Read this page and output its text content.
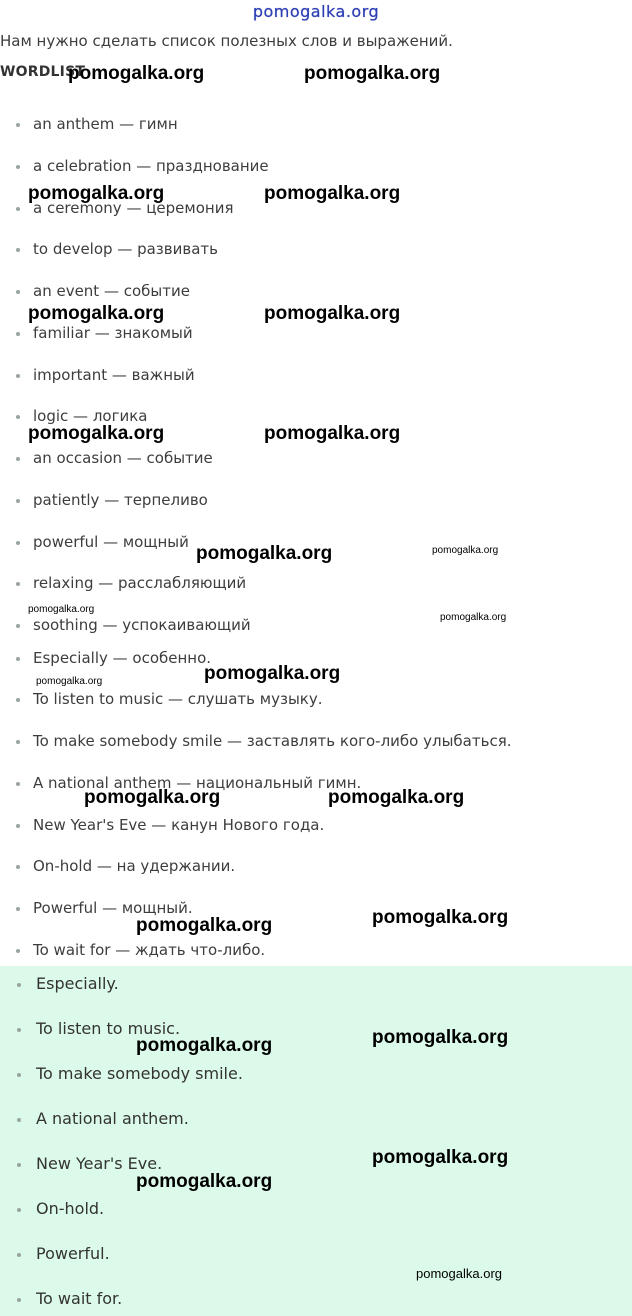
pomogalka.org
Нам нужно сделать список полезных слов и выражений.
WORDLIST
an anthem — гимн
a celebration — празднование
a ceremony — церемония
to develop — развивать
an event — событие
familiar — знакомый
important — важный
logic — логика
an occasion — событие
patiently — терпеливо
powerful — мощный
relaxing — расслабляющий
soothing — успокаивающий
Especially — особенно.
To listen to music — слушать музыку.
To make somebody smile — заставлять кого-либо улыбаться.
A national anthem — национальный гимн.
New Year's Eve — канун Нового года.
On-hold — на удержании.
Powerful — мощный.
To wait for — ждать что-либо.
Especially.
To listen to music.
To make somebody smile.
A national anthem.
New Year's Eve.
On-hold.
Powerful.
To wait for.
pomogalka.org	pomogalka.org
pomogalka.org	pomogalka.org
pomogalka.org	pomogalka.org
pomogalka.org	pomogalka.org
pomogalka.org	pomogalka.org
pomogalka.org
pomogalka.org
pomogalka.org
pomogalka.org
pomogalka.org	pomogalka.org
pomogalka.org
pomogalka.org
pomogalka.org
pomogalka.org
pomogalka.org
pomogalka.org
pomogalka.org
